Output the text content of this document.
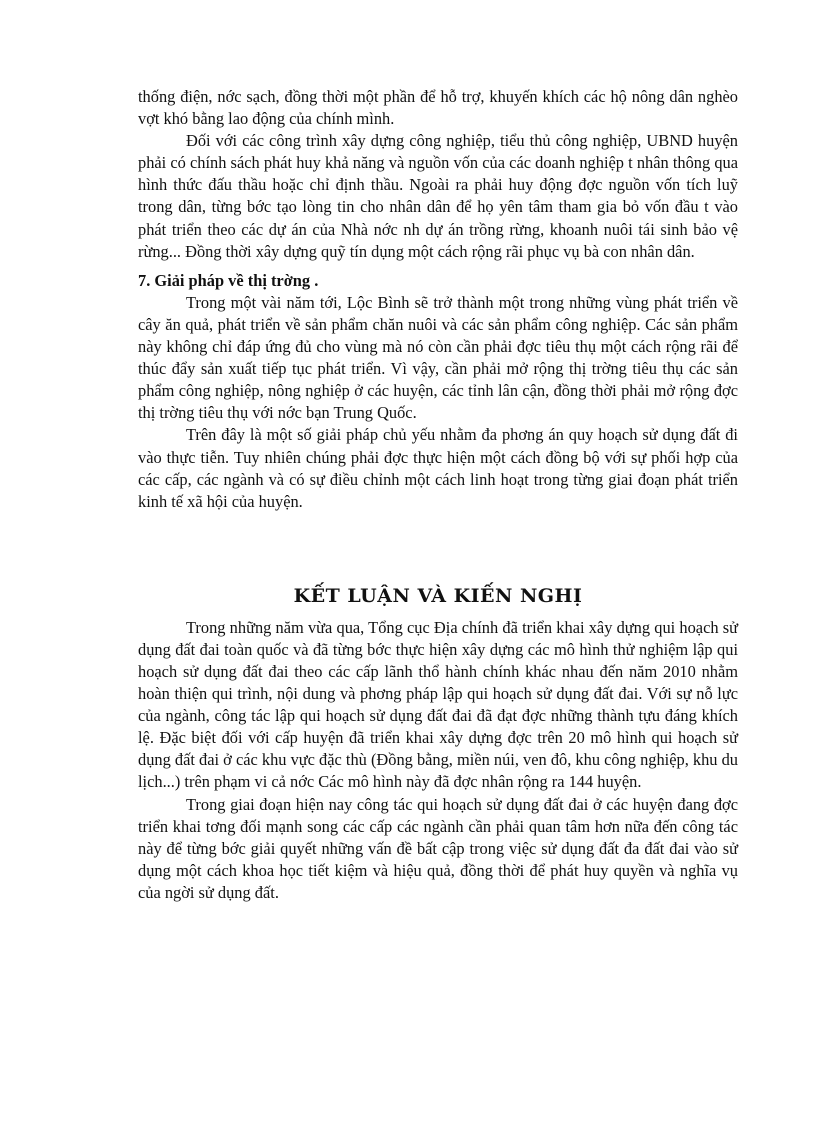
thống điện, nớc sạch, đồng thời một phần để hỗ trợ, khuyến khích các hộ nông dân nghèo vợt khó bằng lao động của chính mình.

Đối với các công trình xây dựng công nghiệp, tiểu thủ công nghiệp, UBND huyện phải có chính sách phát huy khả năng và nguồn vốn của các doanh nghiệp t nhân thông qua hình thức đấu thầu hoặc chỉ định thầu. Ngoài ra phải huy động đợc nguồn vốn tích luỹ trong dân, từng bớc tạo lòng tin cho nhân dân để họ yên tâm tham gia bỏ vốn đầu t vào phát triển theo các dự án của Nhà nớc nh dự án trồng rừng, khoanh nuôi tái sinh bảo vệ rừng... Đồng thời xây dựng quỹ tín dụng một cách rộng rãi phục vụ bà con nhân dân.

7. Giải pháp về thị trờng .

Trong một vài năm tới, Lộc Bình sẽ trở thành một trong những vùng phát triển về cây ăn quả, phát triển về sản phẩm chăn nuôi và các sản phẩm công nghiệp. Các sản phẩm này không chỉ đáp ứng đủ cho vùng mà nó còn cần phải đợc tiêu thụ một cách rộng rãi để thúc đẩy sản xuất tiếp tục phát triển. Vì vậy, cần phải mở rộng thị trờng tiêu thụ các sản phẩm công nghiệp, nông nghiệp ở các huyện, các tỉnh lân cận, đồng thời phải mở rộng đợc thị trờng tiêu thụ với nớc bạn Trung Quốc.

Trên đây là một số giải pháp chủ yếu nhằm đa phơng án quy hoạch sử dụng đất đi vào thực tiễn. Tuy nhiên chúng phải đợc thực hiện một cách đồng bộ với sự phối hợp của các cấp, các ngành và có sự điều chỉnh một cách linh hoạt trong từng giai đoạn phát triển kinh tế xã hội của huyện.

KẾT LUẬN VÀ KIẾN NGHỊ

Trong những năm vừa qua, Tổng cục Địa chính đã triển khai xây dựng qui hoạch sử dụng đất đai toàn quốc và đã từng bớc thực hiện xây dựng các mô hình thử nghiệm lập qui hoạch sử dụng đất đai theo các cấp lãnh thổ hành chính khác nhau đến năm 2010 nhằm hoàn thiện qui trình, nội dung và phơng pháp lập qui hoạch sử dụng đất đai. Với sự nỗ lực của ngành, công tác lập qui hoạch sử dụng đất đai đã đạt đợc những thành tựu đáng khích lệ. Đặc biệt đối với cấp huyện đã triển khai xây dựng đợc trên 20 mô hình qui hoạch sử dụng đất đai ở các khu vực đặc thù (Đồng bằng, miền núi, ven đô, khu công nghiệp, khu du lịch...) trên phạm vi cả nớc Các mô hình này đã đợc nhân rộng ra 144 huyện.

Trong giai đoạn hiện nay công tác qui hoạch sử dụng đất đai ở các huyện đang đợc triển khai tơng đối mạnh song các cấp các ngành cần phải quan tâm hơn nữa đến công tác này để từng bớc giải quyết những vấn đề bất cập trong việc sử dụng đất đa đất đai vào sử dụng một cách khoa học tiết kiệm và hiệu quả, đồng thời để phát huy quyền và nghĩa vụ của ngời sử dụng đất.
